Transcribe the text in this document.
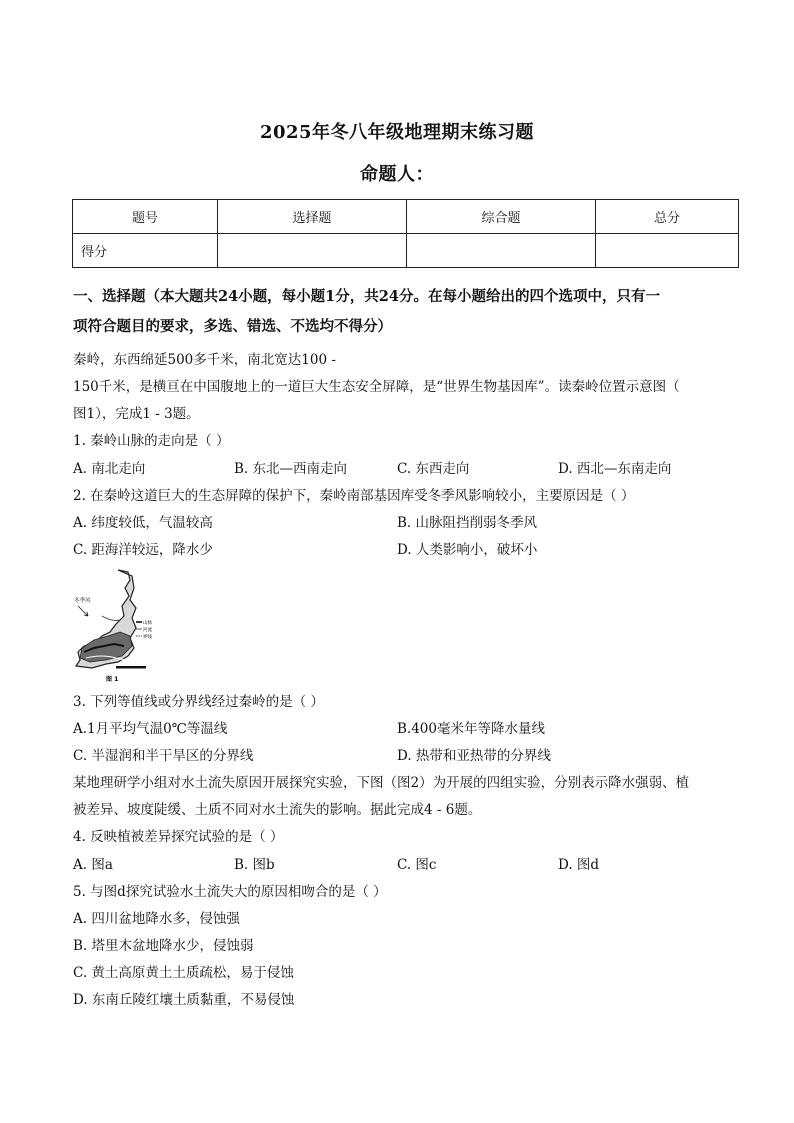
2025年冬八年级地理期末练习题
命题人：
题号	选择题	综合题	总分
得分			
一、选择题（本大题共24小题，每小题1分，共24分。在每小题给出的四个选项中，只有一
项符合题目的要求，多选、错选、不选均不得分）
秦岭，东西绵延500多千米，南北宽达100 -
150千米，是横亘在中国腹地上的一道巨大生态安全屏障，是“世界生物基因库”。读秦岭位置示意图（
图1），完成1 - 3题。
1. 秦岭山脉的走向是（ ）
A. 南北走向	B. 东北—西南走向	C. 东西走向	D. 西北—东南走向
2. 在秦岭这道巨大的生态屏障的保护下，秦岭南部基因库受冬季风影响较小，主要原因是（ ）
A. 纬度较低，气温较高	B. 山脉阻挡削弱冬季风
C. 距海洋较远，降水少	D. 人类影响小，破坏小
冬季风
山脉
河流
界线
图 1
3. 下列等值线或分界线经过秦岭的是（ ）
A.1月平均气温0℃等温线	B.400毫米年等降水量线
C. 半湿润和半干旱区的分界线	D. 热带和亚热带的分界线
某地理研学小组对水土流失原因开展探究实验，下图（图2）为开展的四组实验，分别表示降水强弱、植
被差异、坡度陡缓、土质不同对水土流失的影响。据此完成4 - 6题。
4. 反映植被差异探究试验的是（ ）
A. 图a	B. 图b	C. 图c	D. 图d
5. 与图d探究试验水土流失大的原因相吻合的是（ ）
A. 四川盆地降水多，侵蚀强
B. 塔里木盆地降水少，侵蚀弱
C. 黄土高原黄土土质疏松，易于侵蚀
D. 东南丘陵红壤土质黏重，不易侵蚀
